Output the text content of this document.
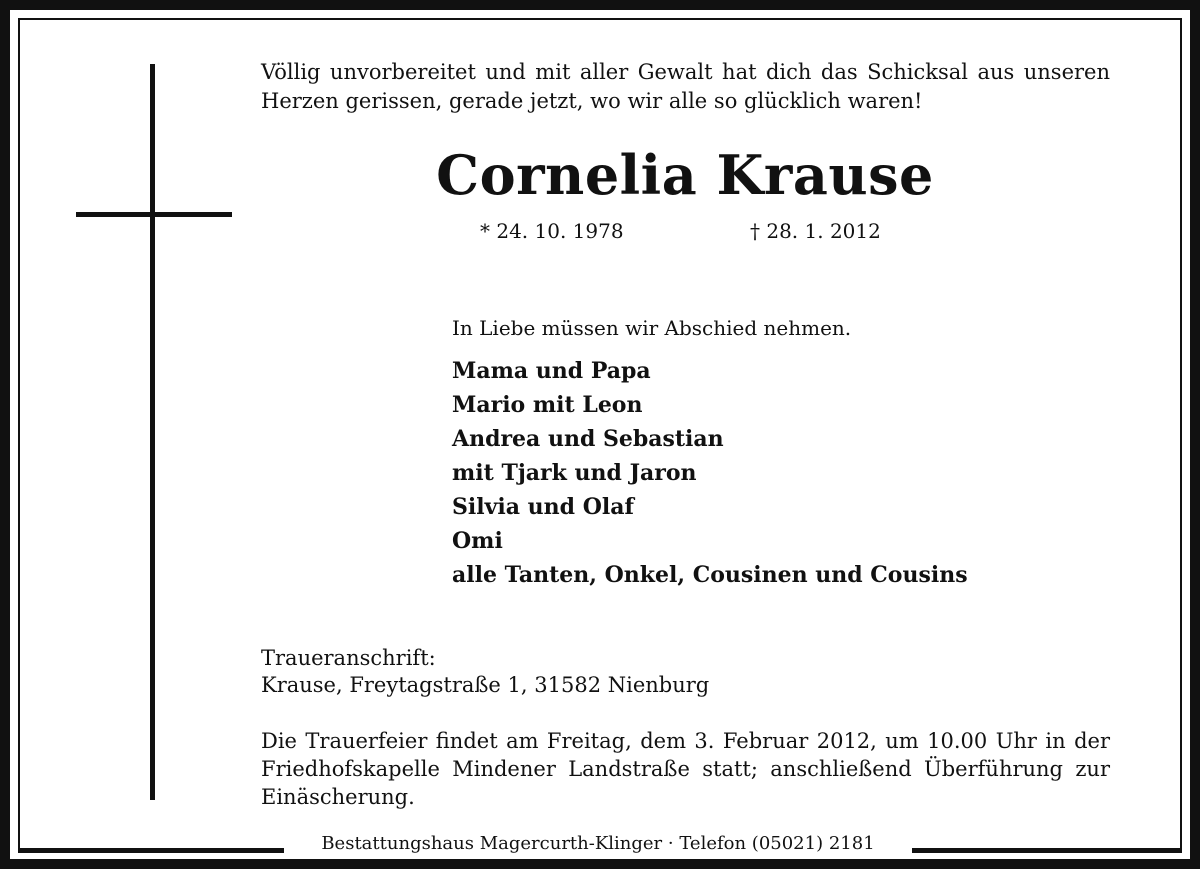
Völlig unvorbereitet und mit aller Gewalt hat dich das Schicksal aus unseren Herzen gerissen, gerade jetzt, wo wir alle so glücklich waren!
Cornelia Krause
* 24. 10. 1978	† 28. 1. 2012
In Liebe müssen wir Abschied nehmen.
Mama und Papa
Mario mit Leon
Andrea und Sebastian
mit Tjark und Jaron
Silvia und Olaf
Omi
alle Tanten, Onkel, Cousinen und Cousins
Traueranschrift:
Krause, Freytagstraße 1, 31582 Nienburg
Die Trauerfeier findet am Freitag, dem 3. Februar 2012, um 10.00 Uhr in der Friedhofskapelle Mindener Landstraße statt; anschließend Überführung zur Einäscherung.
Bestattungshaus Magercurth-Klinger · Telefon (05021) 2181
